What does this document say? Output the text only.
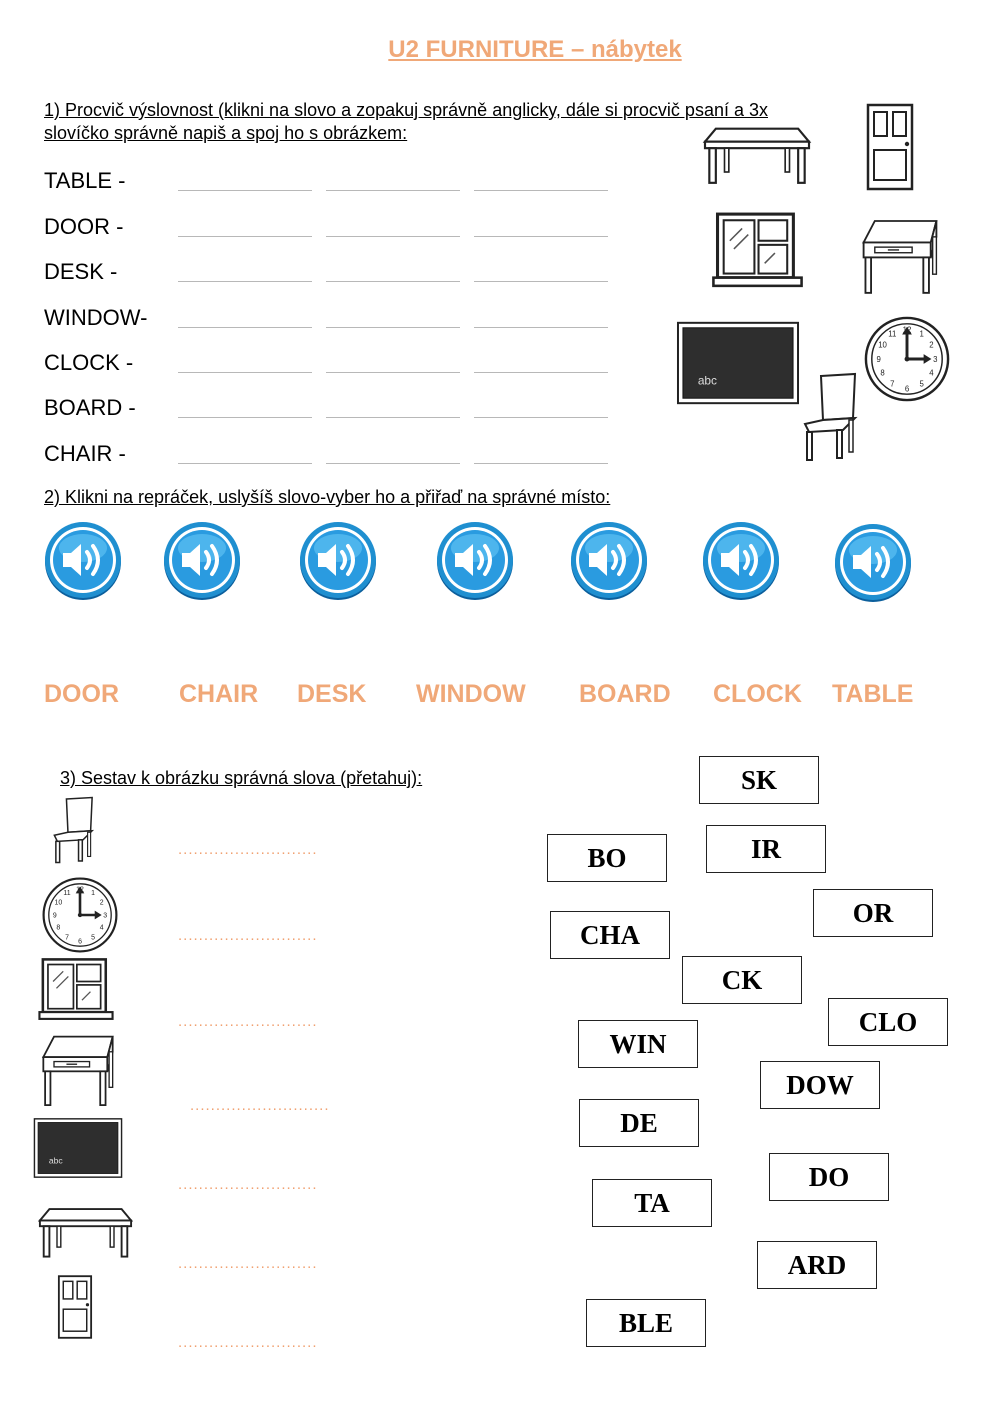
U2 FURNITURE – nábytek
1) Procvič výslovnost (klikni na slovo a zopakuj správně anglicky, dále si procvič psaní a 3x
slovíčko správně napiš a spoj ho s obrázkem:
TABLE -
DOOR -
DESK -
WINDOW-
CLOCK -
BOARD -
CHAIR -
2) Klikni na repráček, uslyšíš slovo-vyber ho a přiřaď na správné místo:
DOOR CHAIR DESK WINDOW BOARD CLOCK TABLE
3) Sestav k obrázku správná slova (přetahuj):
...........................
...........................
...........................
...........................
...........................
...........................
...........................
SK
BO	IR
CHA
OR
CK
CLO
WIN
DOW
DE
DO
TA
ARD
BLE
